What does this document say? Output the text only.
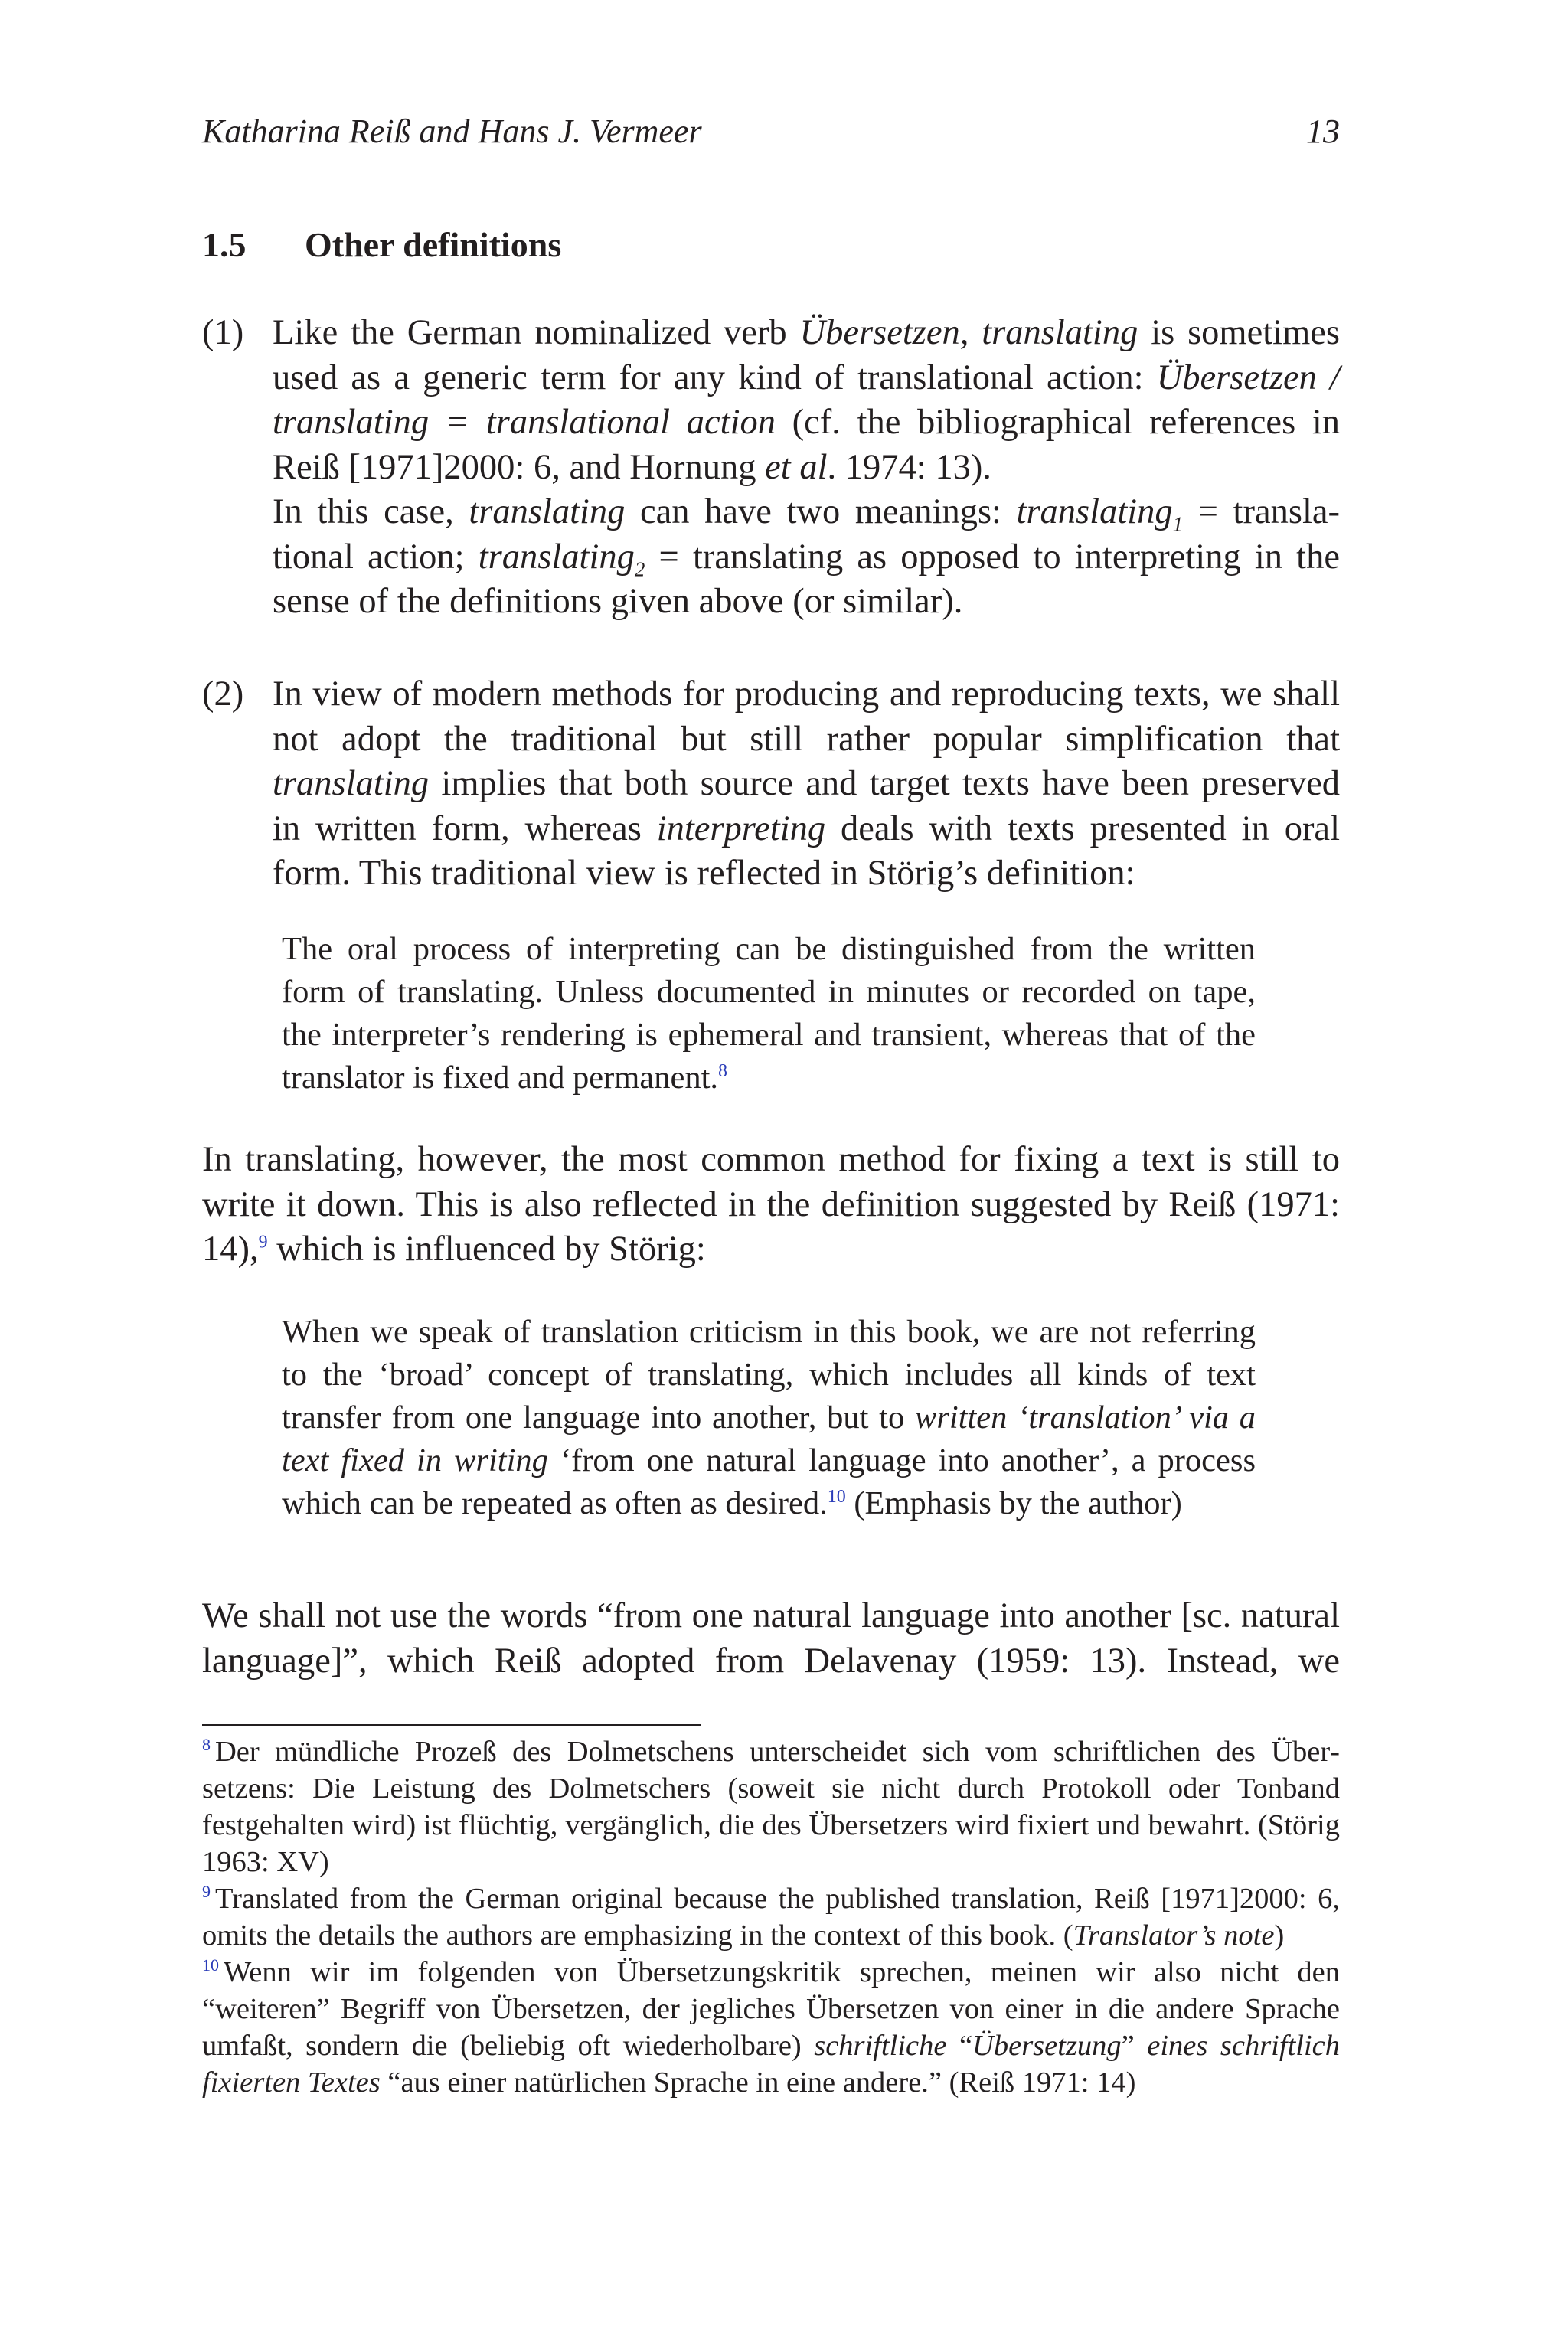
Katharina Reiß and Hans J. Vermeer	13
1.5 Other definitions
(1) Like the German nominalized verb Übersetzen, translating is sometimes used as a generic term for any kind of translational action: Übersetzen / translating = translational action (cf. the bibliographical references in Reiß [1971]2000: 6, and Hornung et al. 1974: 13).
In this case, translating can have two meanings: translating$_1$ = translational action; translating$_2$ = translating as opposed to interpreting in the sense of the definitions given above (or similar).
(2) In view of modern methods for producing and reproducing texts, we shall not adopt the traditional but still rather popular simplification that translating implies that both source and target texts have been preserved in written form, whereas interpreting deals with texts presented in oral form. This traditional view is reflected in Störig’s definition:
The oral process of interpreting can be distinguished from the written form of translating. Unless documented in minutes or recorded on tape, the interpreter’s rendering is ephemeral and transient, whereas that of the translator is fixed and permanent.$^8$
In translating, however, the most common method for fixing a text is still to write it down. This is also reflected in the definition suggested by Reiß (1971: 14),$^9$ which is influenced by Störig:
When we speak of translation criticism in this book, we are not referring to the ‘broad’ concept of translating, which includes all kinds of text transfer from one language into another, but to written ‘translation’ via a text fixed in writing ‘from one natural language into another’, a process which can be repeated as often as desired.$^{10}$ (Emphasis by the author)
We shall not use the words “from one natural language into another [sc. natural language]”, which Reiß adopted from Delavenay (1959: 13). Instead, we
$^8$ Der mündliche Prozeß des Dolmetschens unterscheidet sich vom schriftlichen des Übersetzens: Die Leistung des Dolmetschers (soweit sie nicht durch Protokoll oder Tonband festgehalten wird) ist flüchtig, vergänglich, die des Übersetzers wird fixiert und bewahrt. (Störig 1963: XV)
$^9$ Translated from the German original because the published translation, Reiß [1971]2000: 6, omits the details the authors are emphasizing in the context of this book. (Translator’s note)
$^{10}$ Wenn wir im folgenden von Übersetzungskritik sprechen, meinen wir also nicht den “weiteren” Begriff von Übersetzen, der jegliches Übersetzen von einer in die andere Sprache umfaßt, sondern die (beliebig oft wiederholbare) schriftliche “Übersetzung” eines schriftlich fixierten Textes “aus einer natürlichen Sprache in eine andere.” (Reiß 1971: 14)
